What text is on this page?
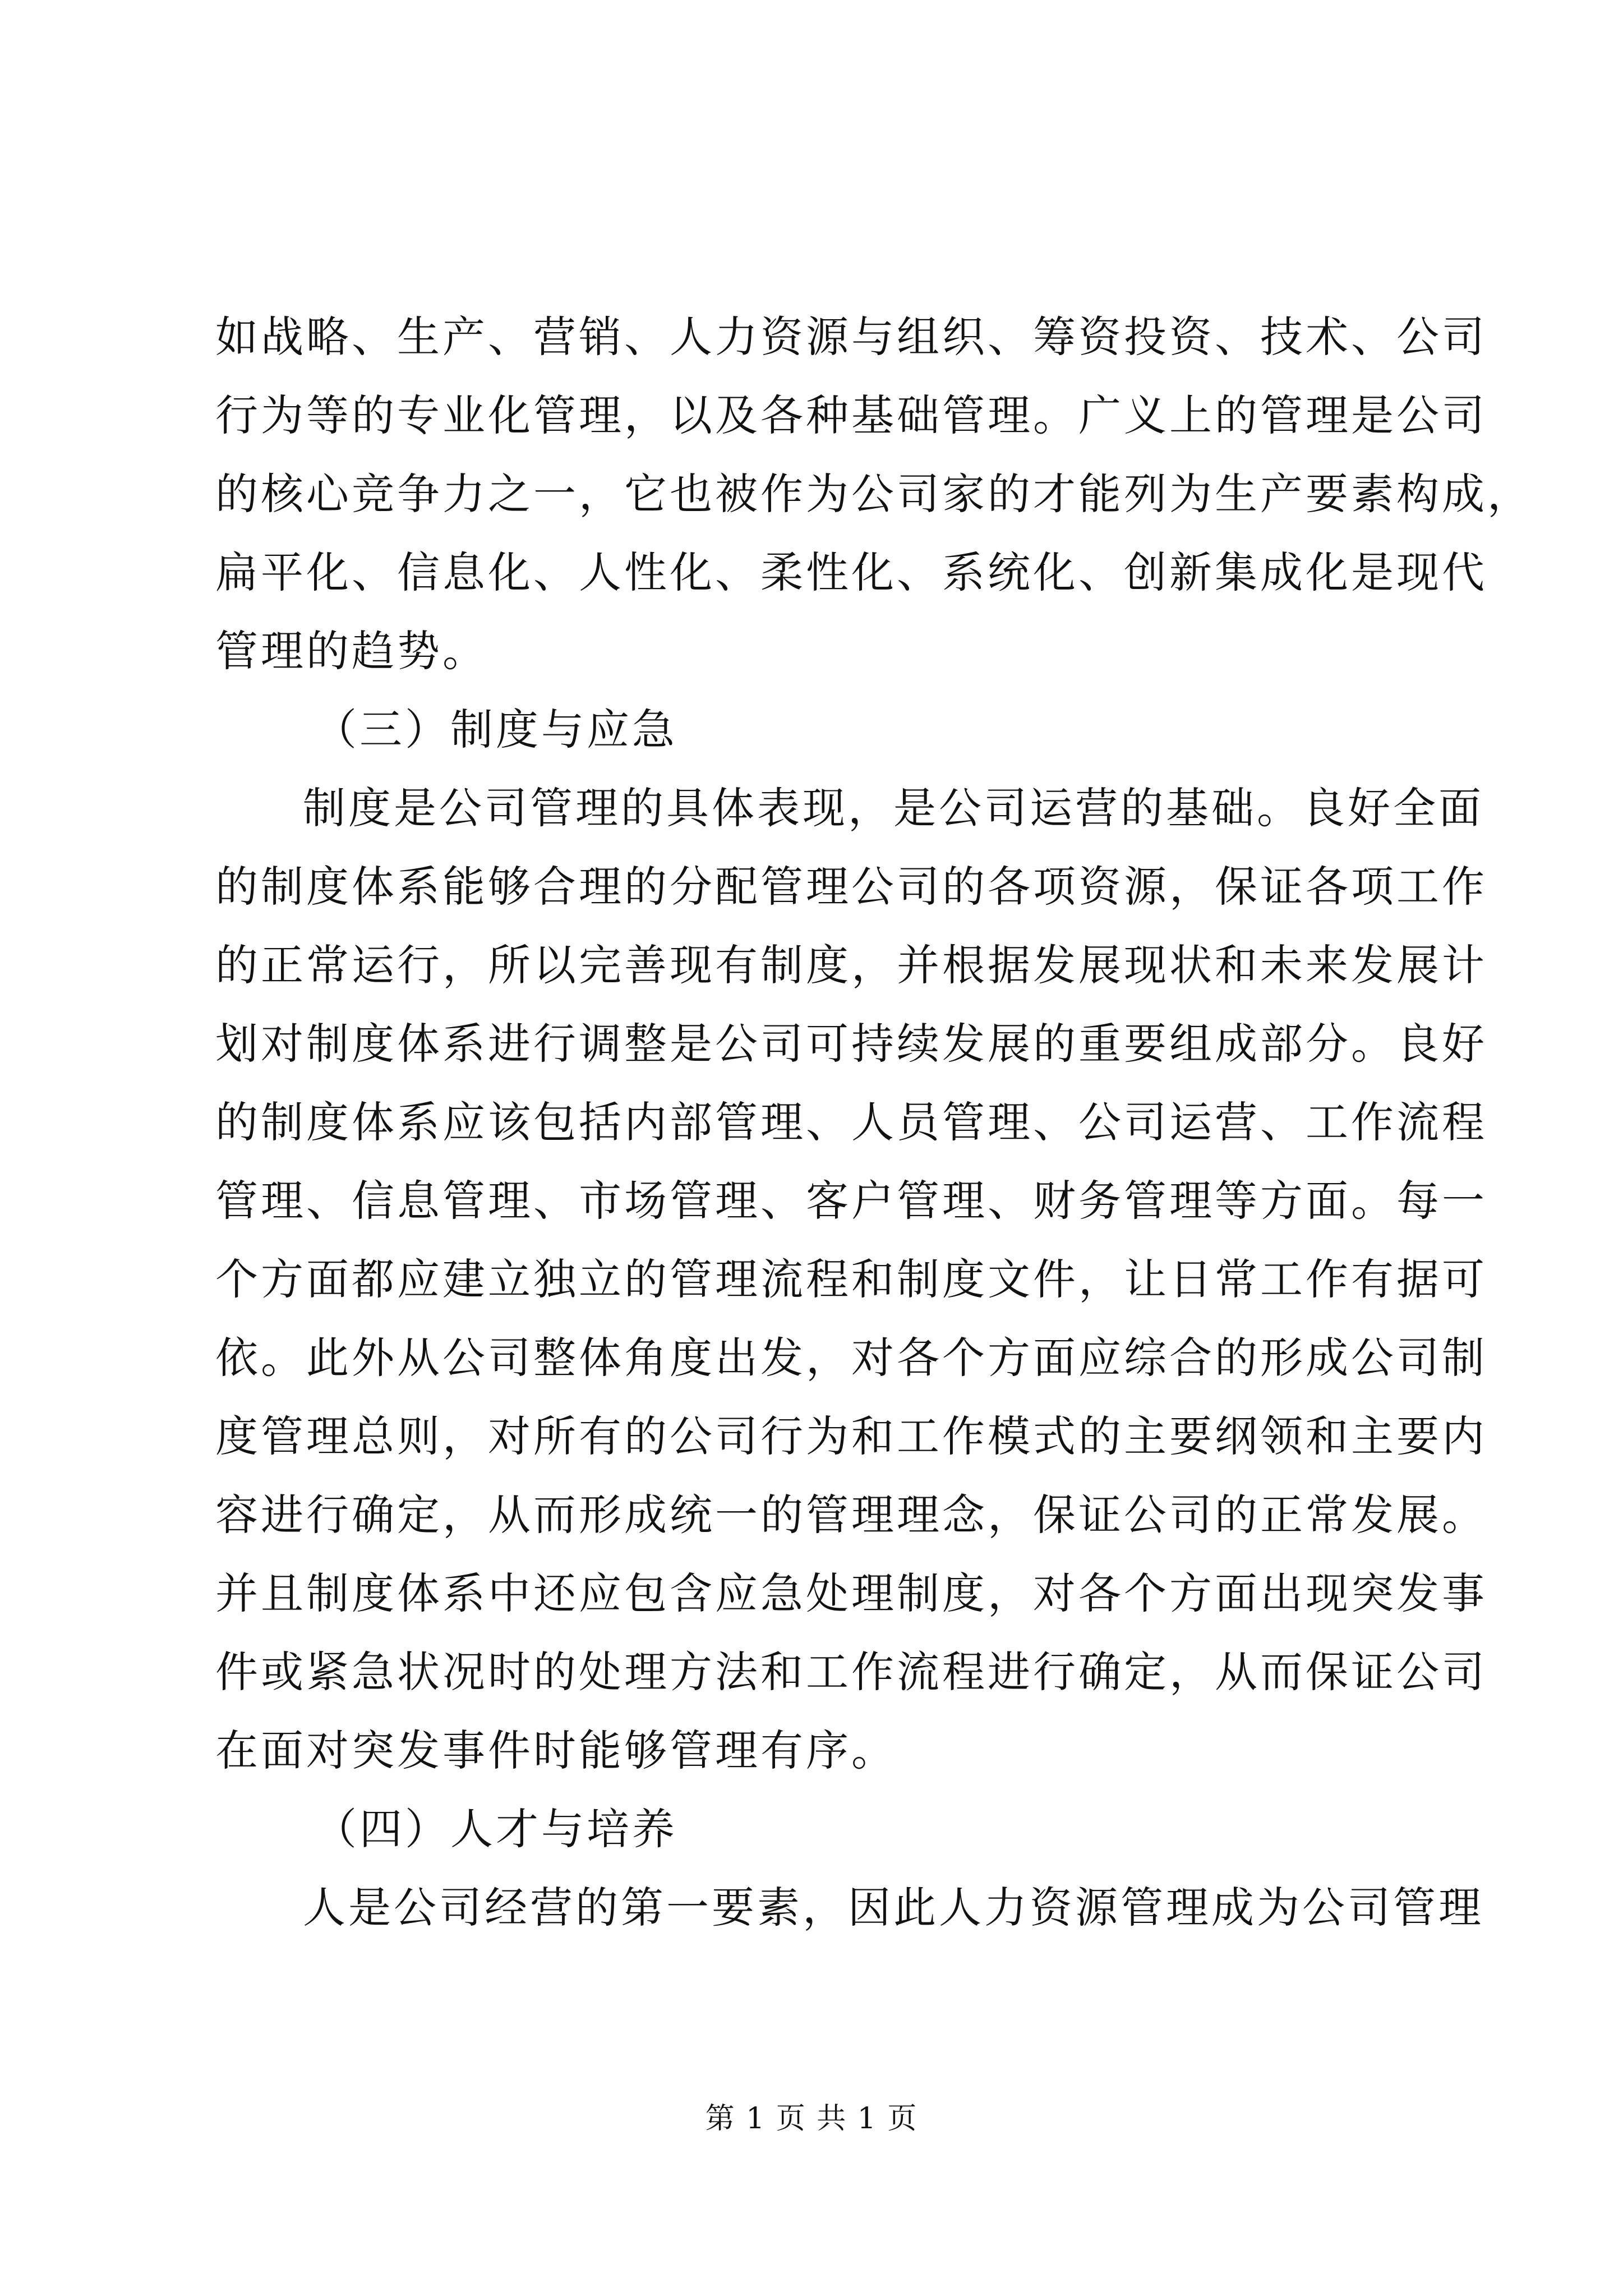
如战略、生产、营销、人力资源与组织、筹资投资、技术、公司
行为等的专业化管理，以及各种基础管理。广义上的管理是公司
的核心竞争力之一，它也被作为公司家的才能列为生产要素构成，
扁平化、信息化、人性化、柔性化、系统化、创新集成化是现代
管理的趋势。
（三）制度与应急
制度是公司管理的具体表现，是公司运营的基础。良好全面
的制度体系能够合理的分配管理公司的各项资源，保证各项工作
的正常运行，所以完善现有制度，并根据发展现状和未来发展计
划对制度体系进行调整是公司可持续发展的重要组成部分。良好
的制度体系应该包括内部管理、人员管理、公司运营、工作流程
管理、信息管理、市场管理、客户管理、财务管理等方面。每一
个方面都应建立独立的管理流程和制度文件，让日常工作有据可
依。此外从公司整体角度出发，对各个方面应综合的形成公司制
度管理总则，对所有的公司行为和工作模式的主要纲领和主要内
容进行确定，从而形成统一的管理理念，保证公司的正常发展。
并且制度体系中还应包含应急处理制度，对各个方面出现突发事
件或紧急状况时的处理方法和工作流程进行确定，从而保证公司
在面对突发事件时能够管理有序。
（四）人才与培养
人是公司经营的第一要素，因此人力资源管理成为公司管理
第 1 页 共 1 页
